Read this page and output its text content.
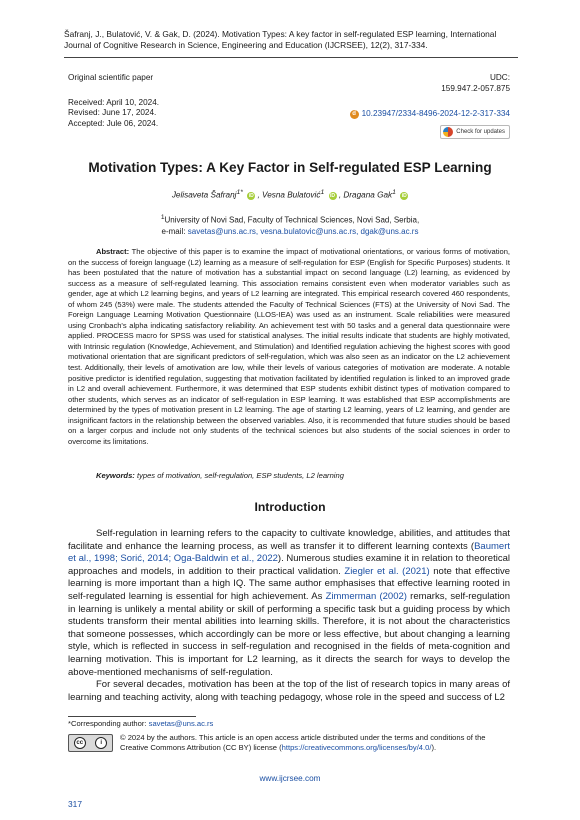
Šafranj, J., Bulatović, V. & Gak, D. (2024). Motivation Types: A key factor in self-regulated ESP learning, International Journal of Cognitive Research in Science, Engineering and Education (IJCRSEE), 12(2), 317-334.
Original scientific paper
Received: April 10, 2024.
Revised: June 17, 2024.
Accepted: Jule 06, 2024.
UDC:
159.947.2-057.875
d 10.23947/2334-8496-2024-12-2-317-334
Check for updates
Motivation Types: A Key Factor in Self-regulated ESP Learning
Jelisaveta Šafranj$^{1*}$ iD , Vesna Bulatović$^1$ iD , Dragana Gak$^1$ iD
$^1$University of Novi Sad, Faculty of Technical Sciences, Novi Sad, Serbia,
e-mail: savetas@uns.ac.rs, vesna.bulatovic@uns.ac.rs, dgak@uns.ac.rs
Abstract: The objective of this paper is to examine the impact of motivational orientations, or various forms of motivation, on the success of foreign language (L2) learning as a measure of self-regulation for ESP (English for Specific Purposes) students. It has been postulated that the nature of motivation has a substantial impact on second language (L2) learning, as evidenced by success as a measure of self-regulated learning. This association remains consistent even when moderator variables such as gender, age at which L2 learning begins, and years of L2 learning are integrated. This empirical research covered 460 respondents, of whom 245 (53%) were male. The students attended the Faculty of Technical Sciences (FTS) at the University of Novi Sad. The Foreign Language Learning Motivation Questionnaire (LLOS-IEA) was used as an instrument. Scale reliabilities were measured using Cronbach's alpha indicating satisfactory reliability. An achievement test with 50 tasks and a general data questionnaire were applied. PROCESS macro for SPSS was used for statistical analyses. The initial results indicate that students are highly motivated, with Intrinsic regulation (Knowledge, Achievement, and Stimulation) and Identified regulation achieving the highest scores with good motivational orientation that are significant predictors of self-regulation, which was also seen as an indicator on the L2 achievement test. Additionally, their levels of amotivation are low, while their levels of various categories of motivation are moderate. A notable positive predictor is identified regulation, suggesting that motivation facilitated by identified regulation is linked to an improved grade in L2 and overall achievement. Furthermore, it was determined that ESP students exhibit distinct types of motivation compared to other students, which serves as an indicator of self-regulation in ESP learning. It was established that ESP accomplishments are determined by the types of motivation present in L2 learning. The age of starting L2 learning, years of L2 learning, and gender are insignificant factors in the relationship between the observed variables. Also, it is recommended that future studies should be based on a larger corpus and include not only students of the technical sciences but also students of the social sciences in order to overcome its limitations.
Keywords: types of motivation, self-regulation, ESP students, L2 learning
Introduction

Self-regulation in learning refers to the capacity to cultivate knowledge, abilities, and attitudes that facilitate and enhance the learning process, as well as transfer it to different learning contexts (Baumert et al., 1998; Sorić, 2014; Oga-Baldwin et al., 2022). Numerous studies examine it in relation to theoretical approaches and models, in addition to their practical validation. Ziegler et al. (2021) note that effective learning is more important than a high IQ. The same author emphasises that effective learning rooted in self-regulated learning is essential for high achievement. As Zimmerman (2002) remarks, self-regulation in learning is unlikely a mental ability or skill of performing a specific task but a guiding process by which students transform their mental abilities into learning skills. Therefore, it is not about the characteristics that someone possesses, which accordingly can be more or less effective, but about changing a learning style, which is reflected in success in self-regulation and recognised in the fields of meta-cognition and learning motivation. This is important for L2 learning, as it directs the search for ways to develop the above-mentioned mechanisms of self-regulation.

For several decades, motivation has been at the top of the list of research topics in many areas of learning and teaching activity, along with teaching pedagogy, whose role in the speed and success of L2

*Corresponding author: savetas@uns.ac.rs
cc	i
© 2024 by the authors. This article is an open access article distributed under the terms and conditions of the Creative Commons Attribution (CC BY) license (https://creativecommons.org/licenses/by/4.0/).
www.ijcrsee.com
317
